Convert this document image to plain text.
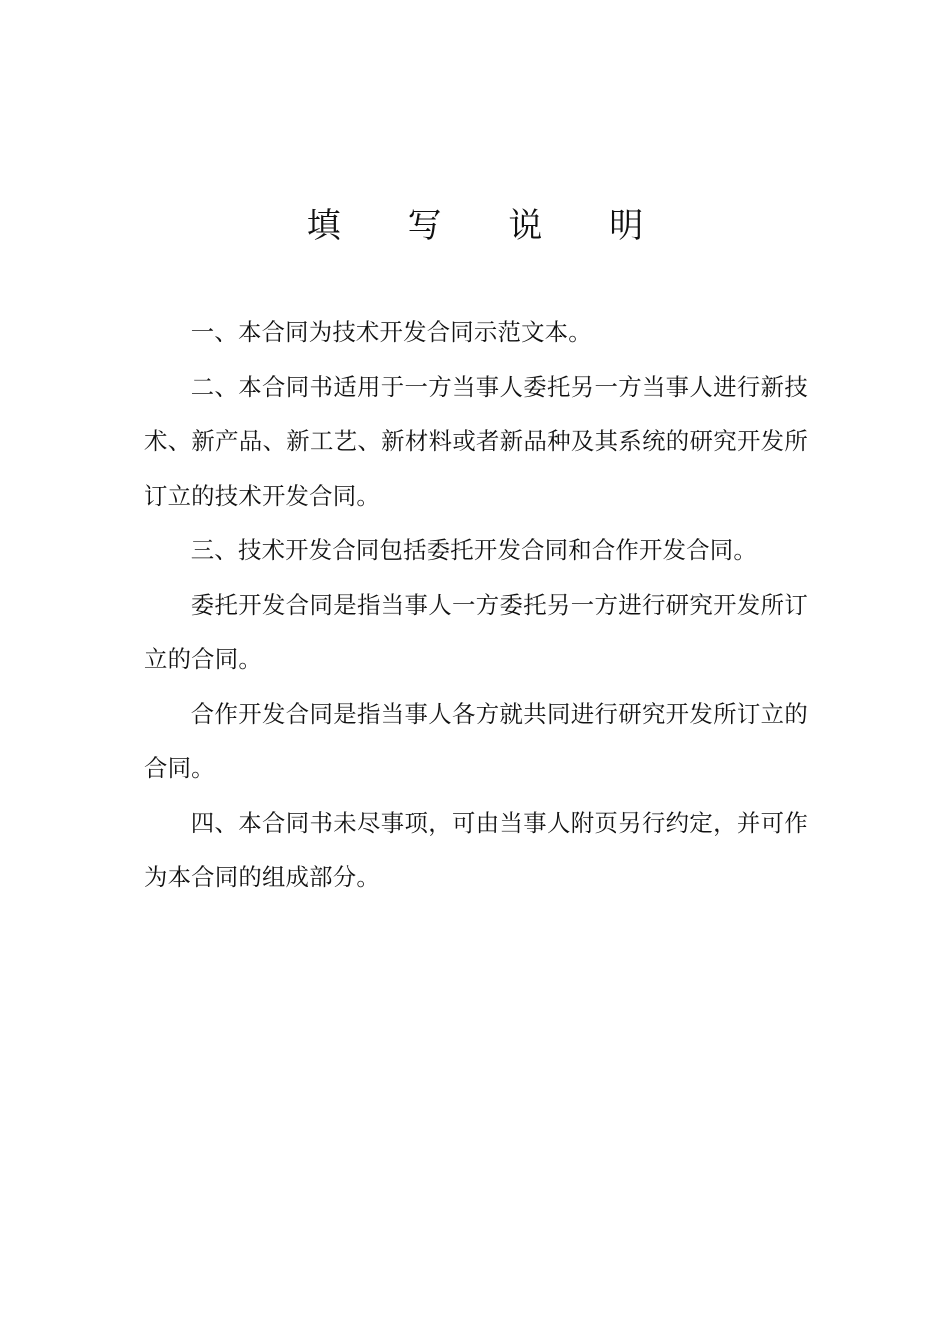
填 写 说 明

一、本合同为技术开发合同示范文本。

二、本合同书适用于一方当事人委托另一方当事人进行新技术、新产品、新工艺、新材料或者新品种及其系统的研究开发所订立的技术开发合同。

三、技术开发合同包括委托开发合同和合作开发合同。

委托开发合同是指当事人一方委托另一方进行研究开发所订立的合同。

合作开发合同是指当事人各方就共同进行研究开发所订立的合同。

四、本合同书未尽事项，可由当事人附页另行约定，并可作为本合同的组成部分。
